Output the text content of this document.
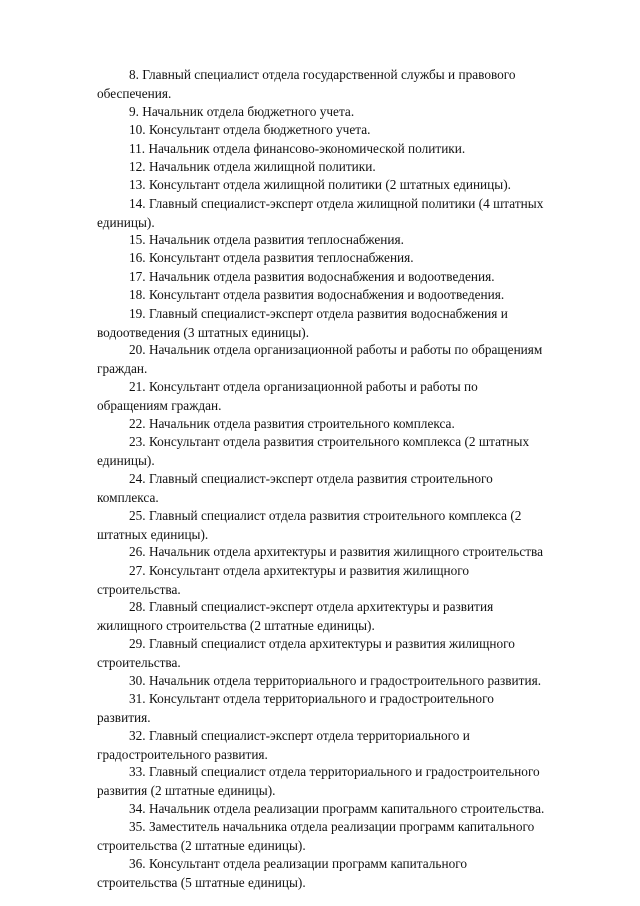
8. Главный специалист отдела государственной службы и правового

обеспечения.

9. Начальник отдела бюджетного учета.

10. Консультант отдела бюджетного учета.

11. Начальник отдела финансово-экономической политики.

12. Начальник отдела жилищной политики.

13. Консультант отдела жилищной политики (2 штатных единицы).

14. Главный специалист-эксперт отдела жилищной политики (4 штатных

единицы).

15. Начальник отдела развития теплоснабжения.

16. Консультант отдела развития теплоснабжения.

17. Начальник отдела развития водоснабжения и водоотведения.

18. Консультант отдела развития водоснабжения и водоотведения.

19. Главный специалист-эксперт отдела развития водоснабжения и

водоотведения (3 штатных единицы).

20. Начальник отдела организационной работы и работы по обращениям

граждан.

21. Консультант отдела организационной работы и работы по

обращениям граждан.

22. Начальник отдела развития строительного комплекса.

23. Консультант отдела развития строительного комплекса (2 штатных

единицы).

24. Главный специалист-эксперт отдела развития строительного

комплекса.

25. Главный специалист отдела развития строительного комплекса (2

штатных единицы).

26. Начальник отдела архитектуры и развития жилищного строительства

27. Консультант отдела архитектуры и развития жилищного

строительства.

28. Главный специалист-эксперт отдела архитектуры и развития

жилищного строительства (2 штатные единицы).

29. Главный специалист отдела архитектуры и развития жилищного

строительства.

30. Начальник отдела территориального и градостроительного развития.

31. Консультант отдела территориального и градостроительного

развития.

32. Главный специалист-эксперт отдела территориального и

градостроительного развития.

33. Главный специалист отдела территориального и градостроительного

развития (2 штатные единицы).

34. Начальник отдела реализации программ капитального строительства.

35. Заместитель начальника отдела реализации программ капитального

строительства (2 штатные единицы).

36. Консультант отдела реализации программ капитального

строительства (5 штатные единицы).
